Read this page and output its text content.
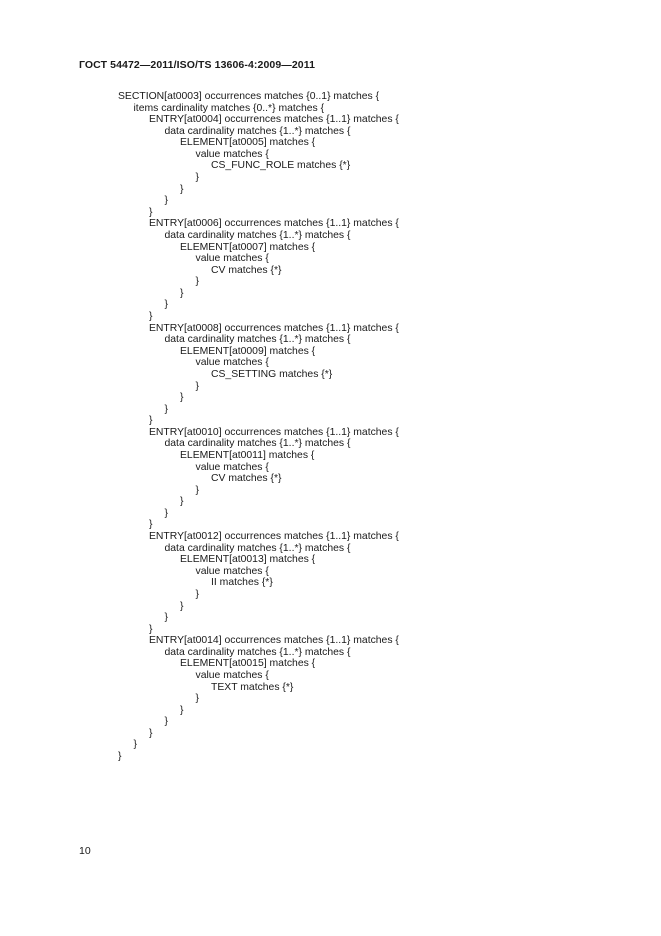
ГОСТ 54472—2011/ISO/TS 13606-4:2009—2011
SECTION[at0003] occurrences matches {0..1} matches {
items cardinality matches {0..*} matches {
ENTRY[at0004] occurrences matches {1..1} matches {
data cardinality matches {1..*} matches {
ELEMENT[at0005] matches {
value matches {
CS_FUNC_ROLE matches {*}
}
}
}
}
ENTRY[at0006] occurrences matches {1..1} matches {
data cardinality matches {1..*} matches {
ELEMENT[at0007] matches {
value matches {
CV matches {*}
}
}
}
}
ENTRY[at0008] occurrences matches {1..1} matches {
data cardinality matches {1..*} matches {
ELEMENT[at0009] matches {
value matches {
CS_SETTING matches {*}
}
}
}
}
ENTRY[at0010] occurrences matches {1..1} matches {
data cardinality matches {1..*} matches {
ELEMENT[at0011] matches {
value matches {
CV matches {*}
}
}
}
}
ENTRY[at0012] occurrences matches {1..1} matches {
data cardinality matches {1..*} matches {
ELEMENT[at0013] matches {
value matches {
II matches {*}
}
}
}
}
ENTRY[at0014] occurrences matches {1..1} matches {
data cardinality matches {1..*} matches {
ELEMENT[at0015] matches {
value matches {
TEXT matches {*}
}
}
}
}
}
}
10
